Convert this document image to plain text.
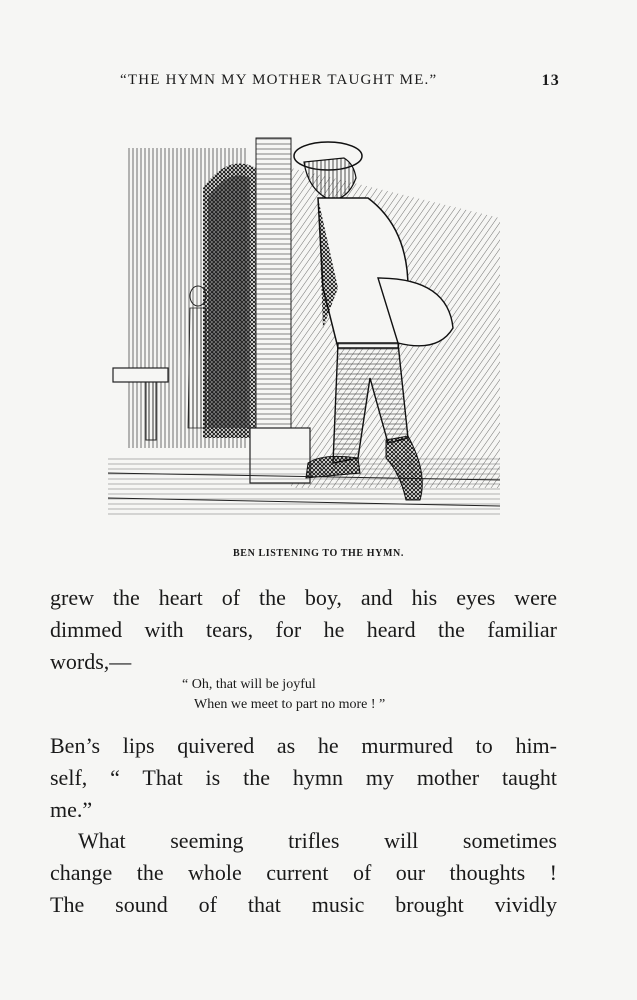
“THE HYMN MY MOTHER TAUGHT ME.”	13
BEN LISTENING TO THE HYMN.
grew the heart of the boy, and his eyes were
dimmed with tears, for he heard the familiar
words,—
“ Oh, that will be joyful
When we meet to part no more ! ”
Ben’s lips quivered as he murmured to him-
self, “ That is the hymn my mother taught
me.”
What seeming trifles will sometimes
change the whole current of our thoughts !
The sound of that music brought vividly
